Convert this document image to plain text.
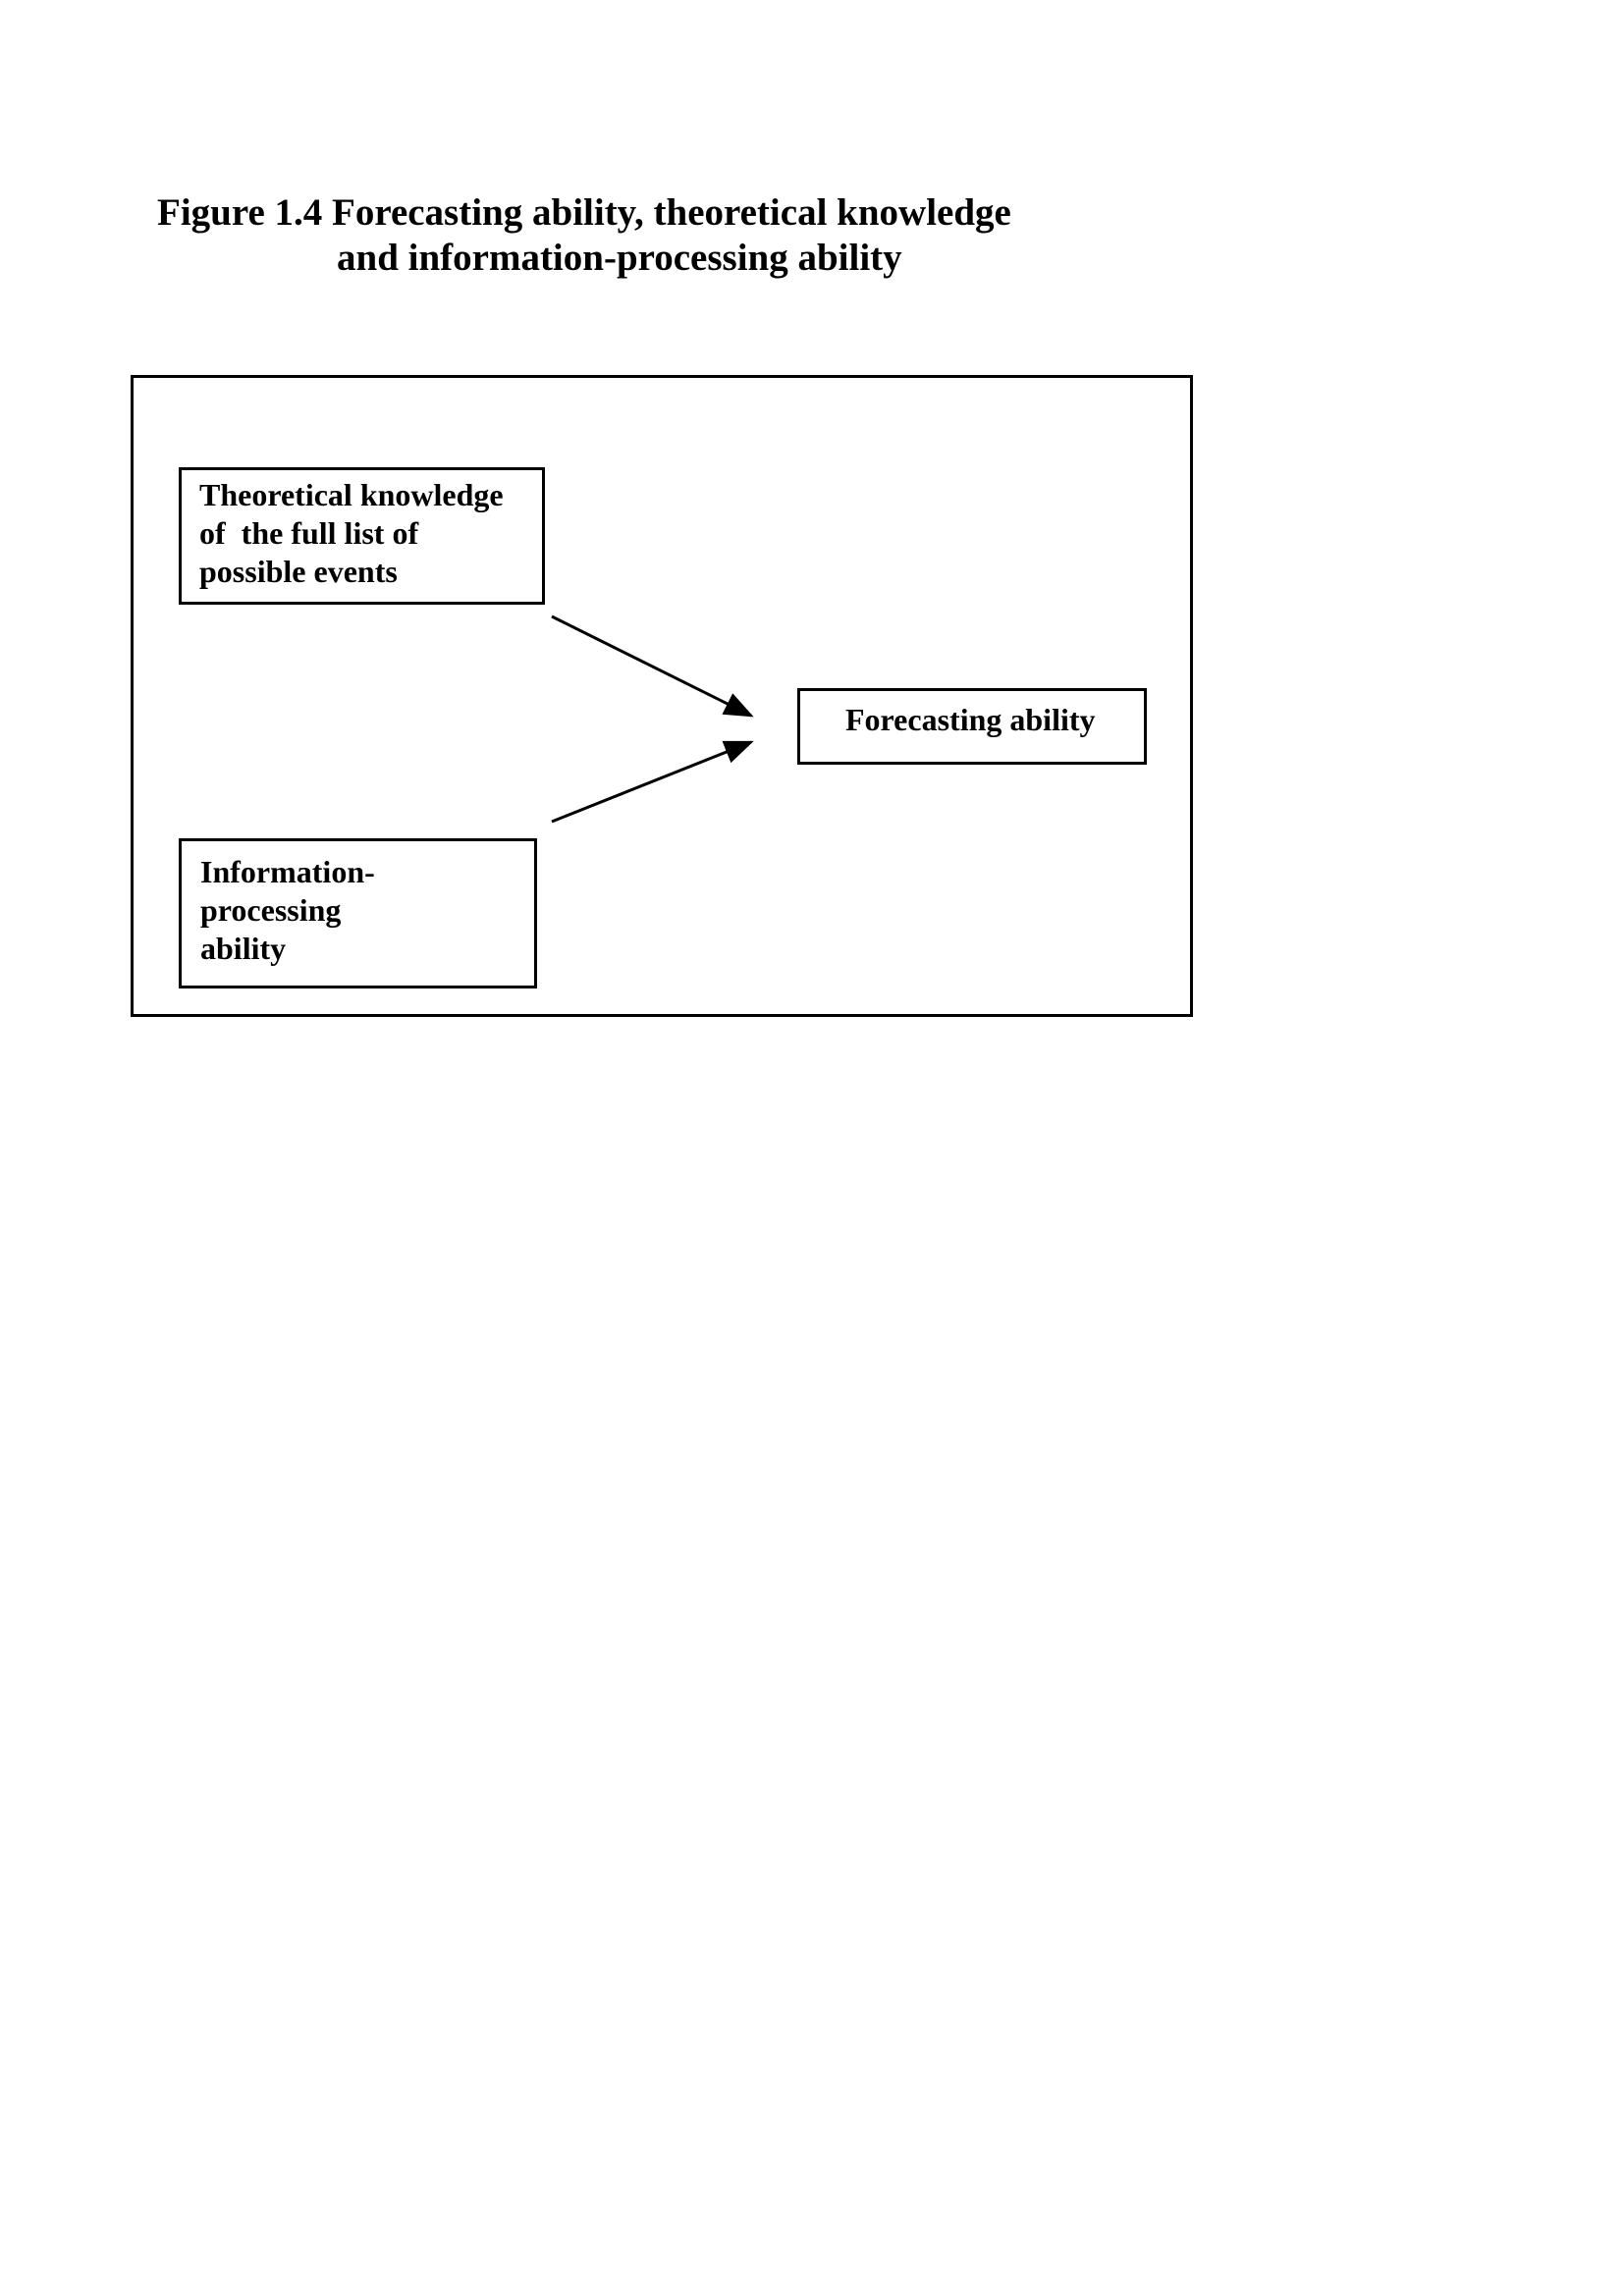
Figure 1.4 Forecasting ability, theoretical knowledge
and information-processing ability
Theoretical knowledge
of  the full list of
possible events
Information-
processing
ability
Forecasting ability
